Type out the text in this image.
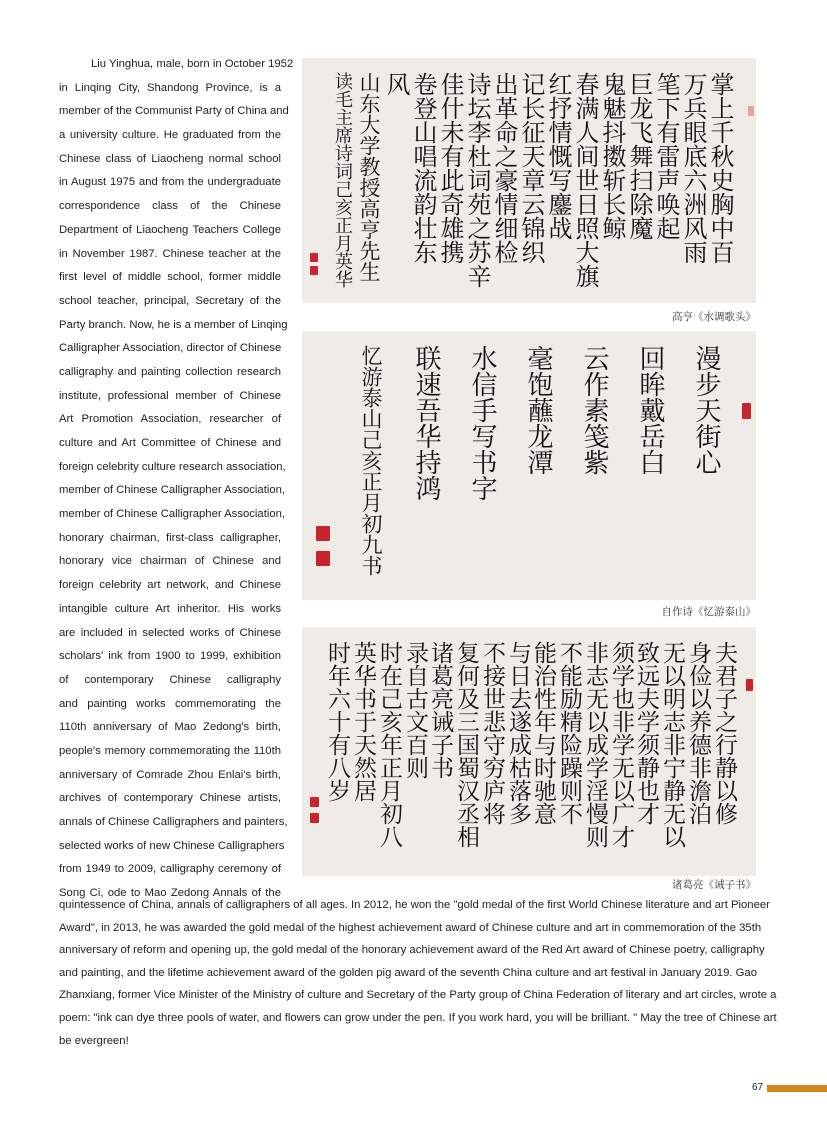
Liu Yinghua, male, born in October 1952
in Linqing City, Shandong Province, is a
member of the Communist Party of China and
a university culture. He graduated from the
Chinese class of Liaocheng normal school
in August 1975 and from the undergraduate
correspondence class of the Chinese
Department of Liaocheng Teachers College
in November 1987. Chinese teacher at the
first level of middle school, former middle
school teacher, principal, Secretary of the
Party branch. Now, he is a member of Linqing
Calligrapher Association, director of Chinese
calligraphy and painting collection research
institute, professional member of Chinese
Art Promotion Association, researcher of
culture and Art Committee of Chinese and
foreign celebrity culture research association,
member of Chinese Calligrapher Association,
member of Chinese Calligrapher Association,
honorary chairman, first-class calligrapher,
honorary vice chairman of Chinese and
foreign celebrity art network, and Chinese
intangible culture Art inheritor. His works
are included in selected works of Chinese
scholars' ink from 1900 to 1999, exhibition
of contemporary Chinese calligraphy
and painting works commemorating the
110th anniversary of Mao Zedong's birth,
people's memory commemorating the 110th
anniversary of Comrade Zhou Enlai's birth,
archives of contemporary Chinese artists,
annals of Chinese Calligraphers and painters,
selected works of new Chinese Calligraphers
from 1949 to 2009, calligraphy ceremony of
Song Ci, ode to Mao Zedong Annals of the
掌上千秋史胸中百
万兵眼底六洲风雨
笔下有雷声唤起
巨龙飞舞扫除魔
鬼魅抖擞斩长鲸
春满人间世日照大旗
红抒情慨写鏖战
记长征天章云锦织
出革命之豪情细检
诗坛李杜词苑之苏辛
佳什未有此奇雄携
卷登山唱流韵壮东
风
山东大学教授高亨先生
读毛主席诗词己亥正月英华
高亨《水调歌头》
漫步天街心
回眸戴岳白
云作素笺紫
毫饱蘸龙潭
水信手写书字
联速吾华持鸿
忆游泰山己亥正月初九书
自作诗《忆游泰山》
夫君子之行静以修
身俭以养德非澹泊
无以明志非宁静无以
致远夫学须静也才
须学也非学无以广才
非志无以成学淫慢则
不能励精险躁则不
能治性年与时驰意
与日去遂成枯落多
不接世悲守穷庐将
复何及三国蜀汉丞相
诸葛亮诫子书
录自古文百则
时在己亥年正月初八
英华书于天然居
时年六十有八岁
诸葛亮《诫子书》
quintessence of China, annals of calligraphers of all ages. In 2012, he won the "gold medal of the first World Chinese literature and art Pioneer
Award", in 2013, he was awarded the gold medal of the highest achievement award of Chinese culture and art in commemoration of the 35th
anniversary of reform and opening up, the gold medal of the honorary achievement award of the Red Art award of Chinese poetry, calligraphy
and painting, and the lifetime achievement award of the golden pig award of the seventh China culture and art festival in January 2019. Gao
Zhanxiang, former Vice Minister of the Ministry of culture and Secretary of the Party group of China Federation of literary and art circles, wrote a
poem: "ink can dye three pools of water, and flowers can grow under the pen. If you work hard, you will be brilliant. " May the tree of Chinese art
be evergreen!
67
